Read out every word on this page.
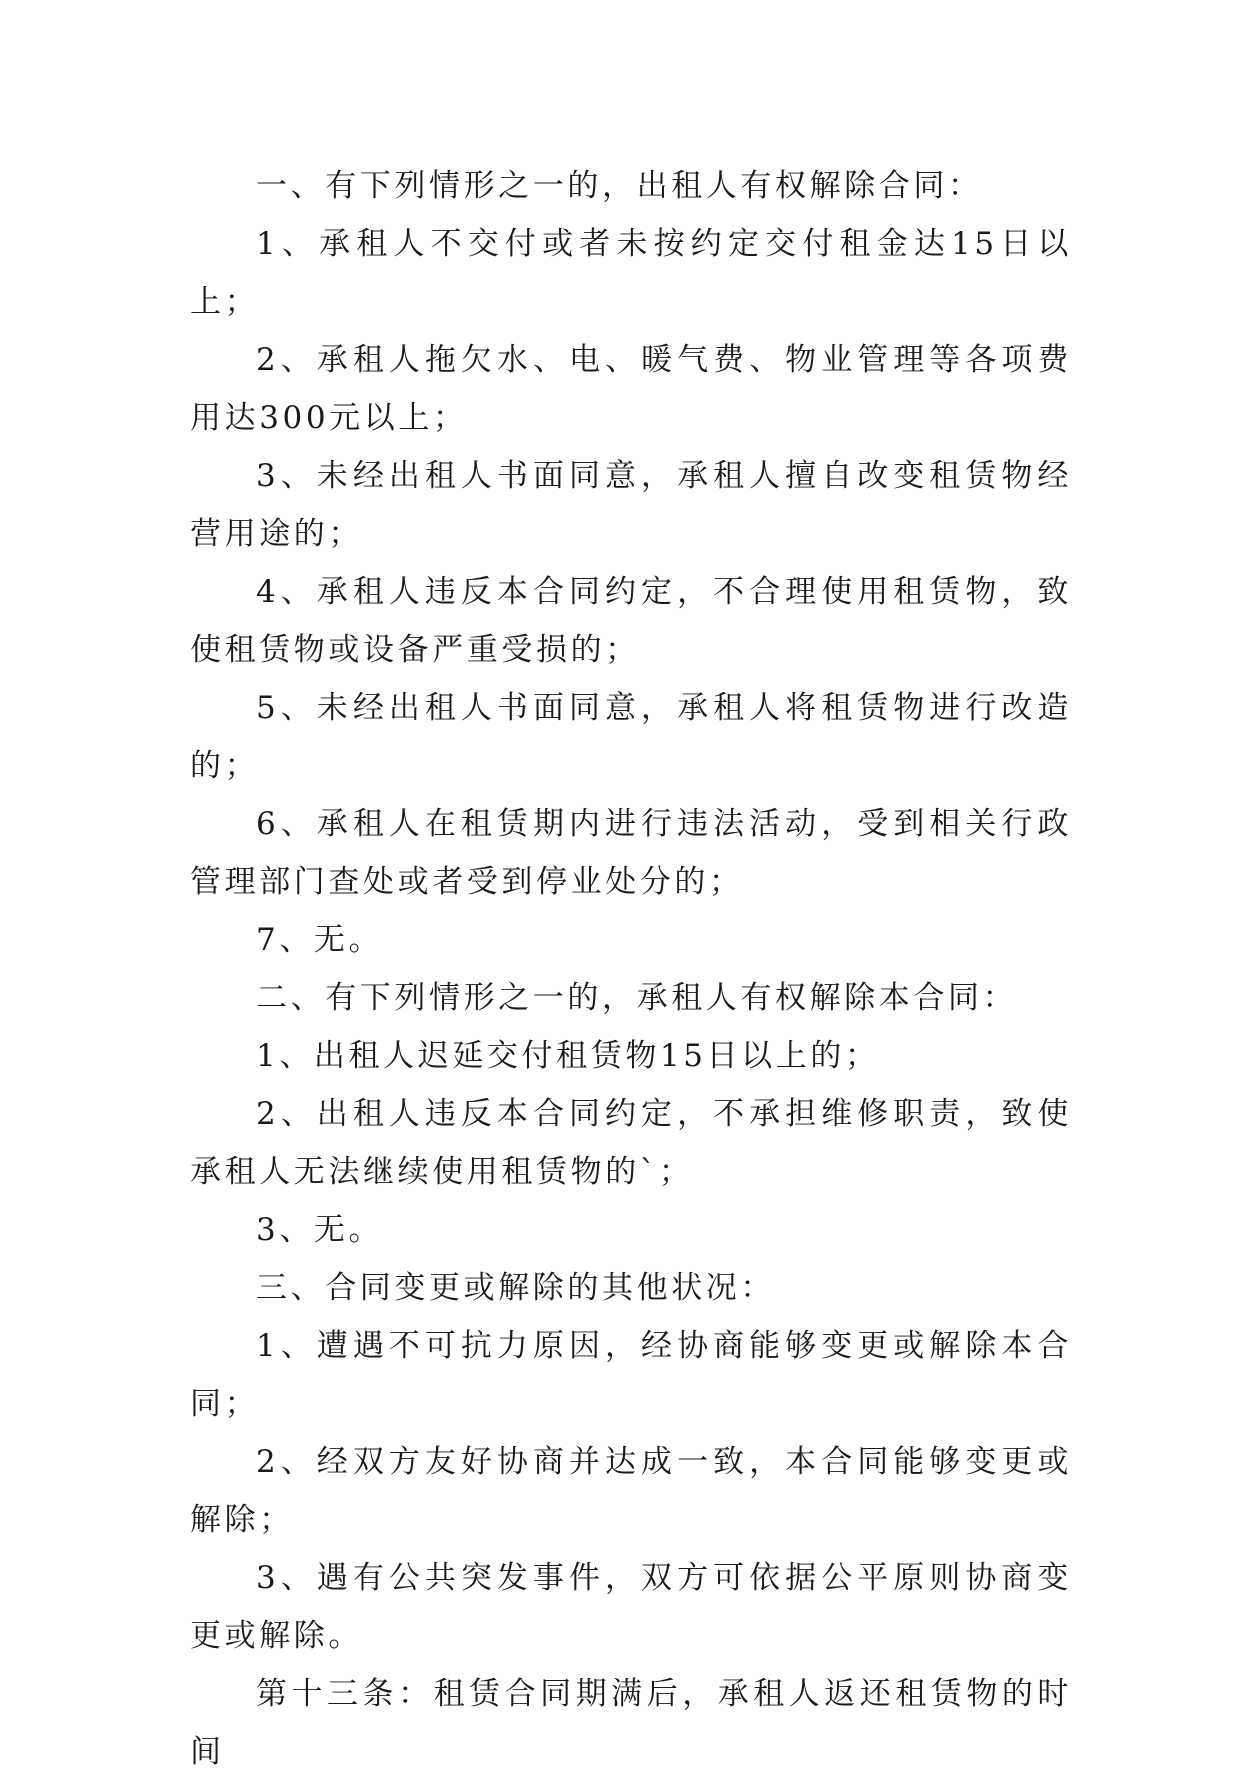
一、有下列情形之一的，出租人有权解除合同：

1、承租人不交付或者未按约定交付租金达15日以上；

2、承租人拖欠水、电、暖气费、物业管理等各项费用达300元以上；

3、未经出租人书面同意，承租人擅自改变租赁物经营用途的；

4、承租人违反本合同约定，不合理使用租赁物，致使租赁物或设备严重受损的；

5、未经出租人书面同意，承租人将租赁物进行改造的；

6、承租人在租赁期内进行违法活动，受到相关行政管理部门查处或者受到停业处分的；

7、无。

二、有下列情形之一的，承租人有权解除本合同：

1、出租人迟延交付租赁物15日以上的；

2、出租人违反本合同约定，不承担维修职责，致使承租人无法继续使用租赁物的`；

3、无。

三、合同变更或解除的其他状况：

1、遭遇不可抗力原因，经协商能够变更或解除本合同；

2、经双方友好协商并达成一致，本合同能够变更或解除；

3、遇有公共突发事件，双方可依据公平原则协商变更或解除。

第十三条：租赁合同期满后，承租人返还租赁物的时间
